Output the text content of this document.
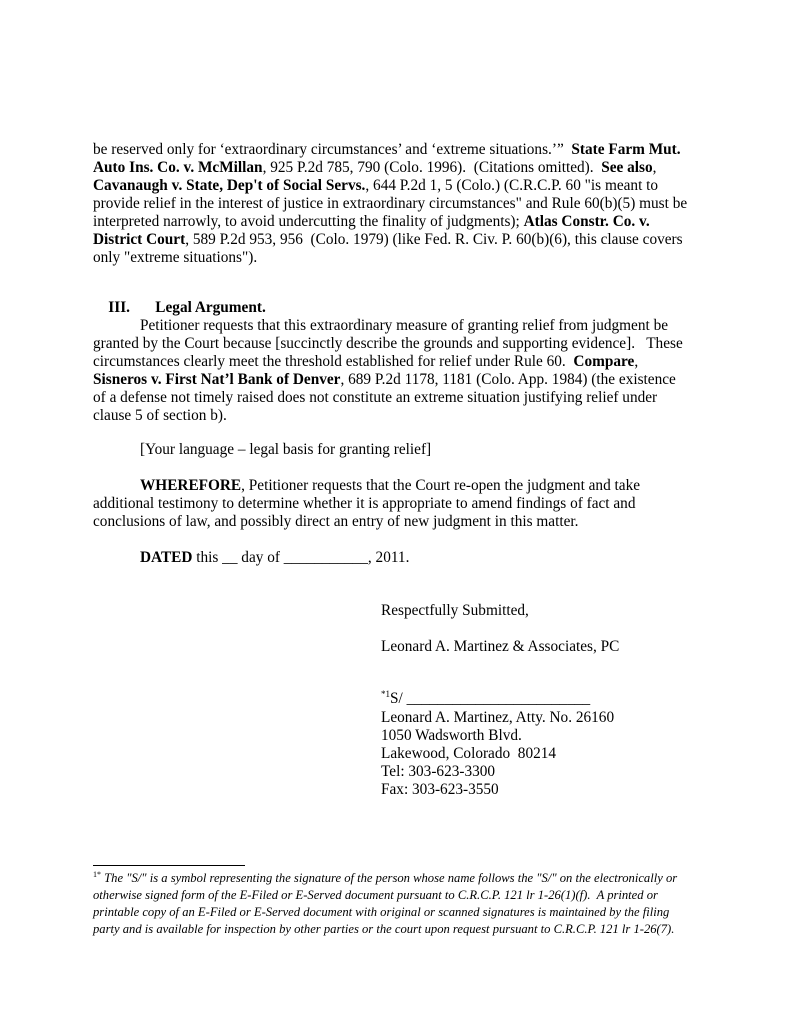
be reserved only for ‘extraordinary circumstances’ and ‘extreme situations.’”  State Farm Mut.
Auto Ins. Co. v. McMillan, 925 P.2d 785, 790 (Colo. 1996).  (Citations omitted).  See also,
Cavanaugh v. State, Dep't of Social Servs., 644 P.2d 1, 5 (Colo.) (C.R.C.P. 60 "is meant to
provide relief in the interest of justice in extraordinary circumstances" and Rule 60(b)(5) must be
interpreted narrowly, to avoid undercutting the finality of judgments); Atlas Constr. Co. v.
District Court, 589 P.2d 953, 956  (Colo. 1979) (like Fed. R. Civ. P. 60(b)(6), this clause covers
only "extreme situations").

III.
	Legal Argument.

Petitioner requests that this extraordinary measure of granting relief from judgment be
granted by the Court because [succinctly describe the grounds and supporting evidence].   These
circumstances clearly meet the threshold established for relief under Rule 60.  Compare,
Sisneros v. First Nat’l Bank of Denver, 689 P.2d 1178, 1181 (Colo. App. 1984) (the existence
of a defense not timely raised does not constitute an extreme situation justifying relief under
clause 5 of section b).
[Your language – legal basis for granting relief]
WHEREFORE, Petitioner requests that the Court re-open the judgment and take
additional testimony to determine whether it is appropriate to amend findings of fact and
conclusions of law, and possibly direct an entry of new judgment in this matter.
DATED this __ day of ___________, 2011.
Respectfully Submitted,
Leonard A. Martinez & Associates, PC
$^{*1}$S/ ________________________
Leonard A. Martinez, Atty. No. 26160
1050 Wadsworth Blvd.
Lakewood, Colorado  80214
Tel: 303-623-3300
Fax: 303-623-3550
$^{1*}$ The "S/" is a symbol representing the signature of the person whose name follows the "S/" on the electronically or
otherwise signed form of the E-Filed or E-Served document pursuant to C.R.C.P. 121 lr 1-26(1)(f).  A printed or
printable copy of an E-Filed or E-Served document with original or scanned signatures is maintained by the filing
party and is available for inspection by other parties or the court upon request pursuant to C.R.C.P. 121 lr 1-26(7).
